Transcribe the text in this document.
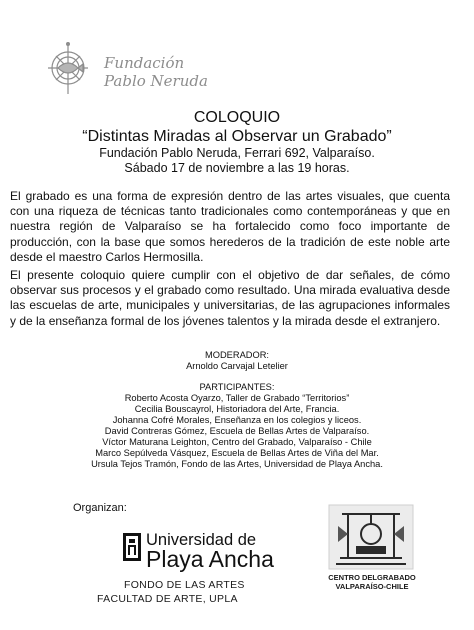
Fundación
Pablo Neruda
COLOQUIO
“Distintas Miradas al Observar un Grabado”
Fundación Pablo Neruda, Ferrari 692, Valparaíso.
Sábado 17 de noviembre a las 19 horas.

El grabado es una forma de expresión dentro de las artes visuales, que cuenta con una riqueza de técnicas tanto tradicionales como contemporáneas y que en nuestra región de Valparaíso se ha fortalecido como foco importante de producción, con la base que somos herederos de la tradición de este noble arte desde el maestro Carlos Hermosilla.

El presente coloquio quiere cumplir con el objetivo de dar señales, de cómo observar sus procesos y el grabado como resultado. Una mirada evaluativa desde las escuelas de arte, municipales y universitarias, de las agrupaciones informales y de la enseñanza formal de los jóvenes talentos y la mirada desde el extranjero.

MODERADOR:
Arnoldo Carvajal Letelier
PARTICIPANTES:
Roberto Acosta Oyarzo, Taller de Grabado “Territorios”
Cecilia Bouscayrol, Historiadora del Arte, Francia.
Johanna Cofré Morales, Enseñanza en los colegios y liceos.
David Contreras Gómez, Escuela de Bellas Artes de Valparaíso.
Víctor Maturana Leighton, Centro del Grabado, Valparaíso - Chile
Marco Sepúlveda Vásquez, Escuela de Bellas Artes de Viña del Mar.
Ursula Tejos Tramón, Fondo de las Artes, Universidad de Playa Ancha.
Organizan:
Universidad de
Playa Ancha
FONDO DE LAS ARTES
FACULTAD DE ARTE, UPLA
CENTRO DELGRABADO
VALPARAÍSO-CHILE
